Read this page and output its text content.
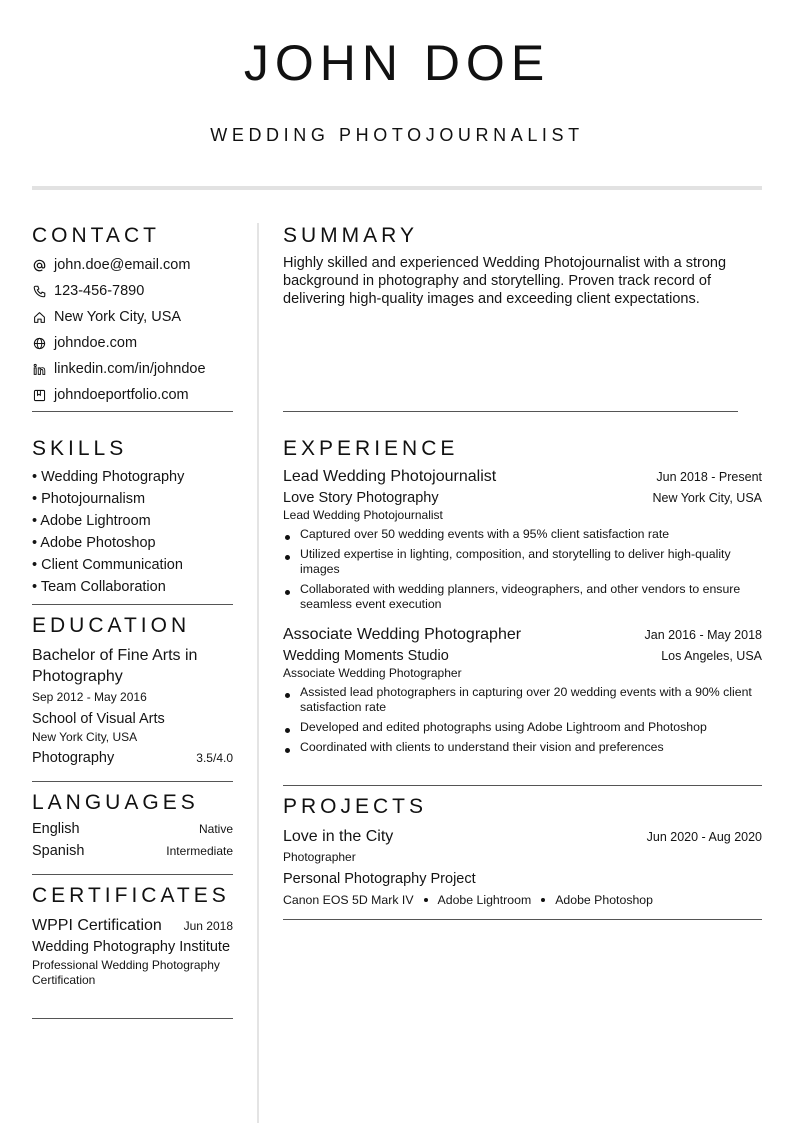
JOHN DOE
WEDDING PHOTOJOURNALIST
CONTACT
john.doe@email.com
123-456-7890
New York City, USA
johndoe.com
linkedin.com/in/johndoe
johndoeportfolio.com
SKILLS
• Wedding Photography
• Photojournalism
• Adobe Lightroom
• Adobe Photoshop
• Client Communication
• Team Collaboration
EDUCATION
Bachelor of Fine Arts in Photography
Sep 2012 - May 2016
School of Visual Arts
New York City, USA
Photography	3.5/4.0
LANGUAGES
English	Native
Spanish	Intermediate
CERTIFICATES
WPPI Certification Jun 2018
Wedding Photography Institute
Professional Wedding Photography Certification
SUMMARY
Highly skilled and experienced Wedding Photojournalist with a strong background in photography and storytelling. Proven track record of delivering high-quality images and exceeding client expectations.
EXPERIENCE
Lead Wedding Photojournalist	Jun 2018 - Present
Love Story Photography	New York City, USA
Lead Wedding Photojournalist
Captured over 50 wedding events with a 95% client satisfaction rate
Utilized expertise in lighting, composition, and storytelling to deliver high-quality images
Collaborated with wedding planners, videographers, and other vendors to ensure seamless event execution
Associate Wedding Photographer	Jan 2016 - May 2018
Wedding Moments Studio	Los Angeles, USA
Associate Wedding Photographer
Assisted lead photographers in capturing over 20 wedding events with a 90% client satisfaction rate
Developed and edited photographs using Adobe Lightroom and Photoshop
Coordinated with clients to understand their vision and preferences
PROJECTS
Love in the City	Jun 2020 - Aug 2020
Photographer
Personal Photography Project
Canon EOS 5D Mark IV Adobe Lightroom Adobe Photoshop
